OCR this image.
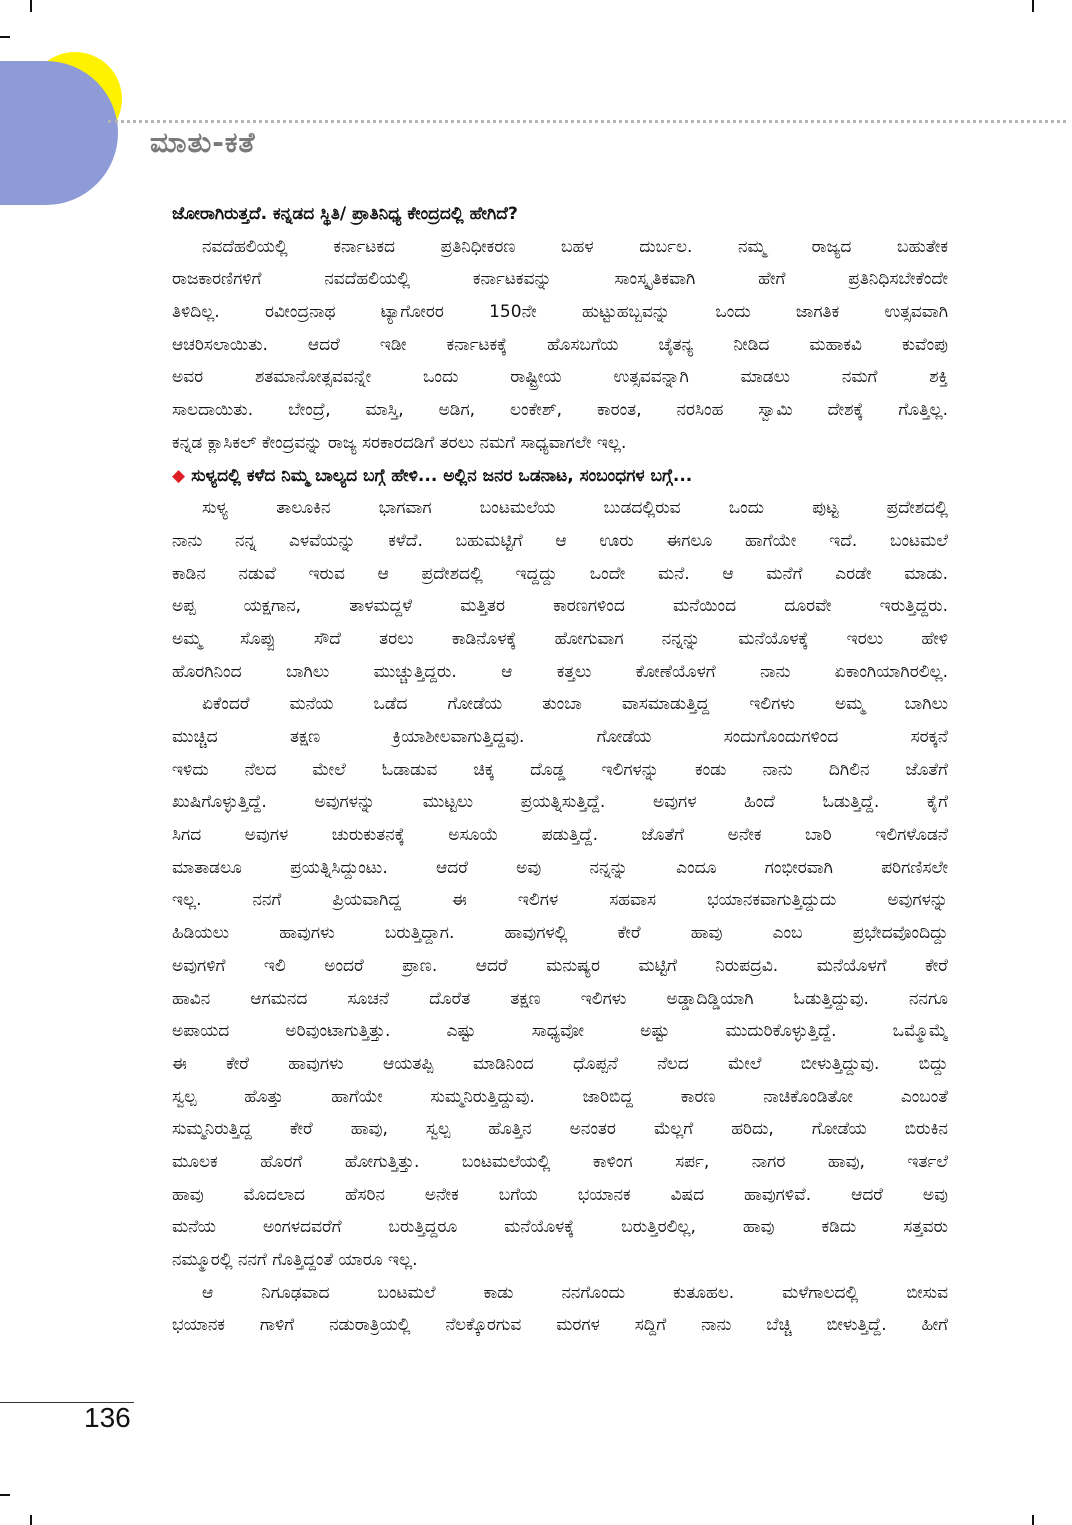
ಮಾತು-ಕತೆ
ಜೋರಾಗಿರುತ್ತದೆ. ಕನ್ನಡದ ಸ್ಥಿತಿ/ ಪ್ರಾತಿನಿಧ್ಯ ಕೇಂದ್ರದಲ್ಲಿ ಹೇಗಿದೆ?
ನವದೆಹಲಿಯಲ್ಲಿ ಕರ್ನಾಟಕದ ಪ್ರತಿನಿಧೀಕರಣ ಬಹಳ ದುರ್ಬಲ. ನಮ್ಮ ರಾಜ್ಯದ ಬಹುತೇಕ
ರಾಜಕಾರಣಿಗಳಿಗೆ ನವದೆಹಲಿಯಲ್ಲಿ ಕರ್ನಾಟಕವನ್ನು ಸಾಂಸ್ಕೃತಿಕವಾಗಿ ಹೇಗೆ ಪ್ರತಿನಿಧಿಸಬೇಕೆಂದೇ
ತಿಳಿದಿಲ್ಲ. ರವೀಂದ್ರನಾಥ ಟ್ಯಾಗೋರರ 150ನೇ ಹುಟ್ಟುಹಬ್ಬವನ್ನು ಒಂದು ಜಾಗತಿಕ ಉತ್ಸವವಾಗಿ
ಆಚರಿಸಲಾಯಿತು. ಆದರೆ ಇಡೀ ಕರ್ನಾಟಕಕ್ಕೆ ಹೊಸಬಗೆಯ ಚೈತನ್ಯ ನೀಡಿದ ಮಹಾಕವಿ ಕುವೆಂಪು
ಅವರ ಶತಮಾನೋತ್ಸವವನ್ನೇ ಒಂದು ರಾಷ್ಟ್ರೀಯ ಉತ್ಸವವನ್ನಾಗಿ ಮಾಡಲು ನಮಗೆ ಶಕ್ತಿ
ಸಾಲದಾಯಿತು. ಬೇಂದ್ರೆ, ಮಾಸ್ತಿ, ಅಡಿಗ, ಲಂಕೇಶ್, ಕಾರಂತ, ನರಸಿಂಹ ಸ್ವಾಮಿ ದೇಶಕ್ಕೆ ಗೊತ್ತಿಲ್ಲ.
ಕನ್ನಡ ಕ್ಲಾಸಿಕಲ್ ಕೇಂದ್ರವನ್ನು ರಾಜ್ಯ ಸರಕಾರದಡಿಗೆ ತರಲು ನಮಗೆ ಸಾಧ್ಯವಾಗಲೇ ಇಲ್ಲ.
◆ ಸುಳ್ಯದಲ್ಲಿ ಕಳೆದ ನಿಮ್ಮ ಬಾಲ್ಯದ ಬಗ್ಗೆ ಹೇಳಿ... ಅಲ್ಲಿನ ಜನರ ಒಡನಾಟ, ಸಂಬಂಧಗಳ ಬಗ್ಗೆ...
ಸುಳ್ಯ ತಾಲೂಕಿನ ಭಾಗವಾಗ ಬಂಟಮಲೆಯ ಬುಡದಲ್ಲಿರುವ ಒಂದು ಪುಟ್ಟ ಪ್ರದೇಶದಲ್ಲಿ
ನಾನು ನನ್ನ ಎಳವೆಯನ್ನು ಕಳೆದೆ. ಬಹುಮಟ್ಟಿಗೆ ಆ ಊರು ಈಗಲೂ ಹಾಗೆಯೇ ಇದೆ. ಬಂಟಮಲೆ
ಕಾಡಿನ ನಡುವೆ ಇರುವ ಆ ಪ್ರದೇಶದಲ್ಲಿ ಇದ್ದದ್ದು ಒಂದೇ ಮನೆ. ಆ ಮನೆಗೆ ಎರಡೇ ಮಾಡು.
ಅಪ್ಪ ಯಕ್ಷಗಾನ, ತಾಳಮದ್ದಳೆ ಮತ್ತಿತರ ಕಾರಣಗಳಿಂದ ಮನೆಯಿಂದ ದೂರವೇ ಇರುತ್ತಿದ್ದರು.
ಅಮ್ಮ ಸೊಪ್ಪು ಸೌದೆ ತರಲು ಕಾಡಿನೊಳಕ್ಕೆ ಹೋಗುವಾಗ ನನ್ನನ್ನು ಮನೆಯೊಳಕ್ಕೆ ಇರಲು ಹೇಳಿ
ಹೊರಗಿನಿಂದ ಬಾಗಿಲು ಮುಚ್ಚುತ್ತಿದ್ದರು. ಆ ಕತ್ತಲು ಕೋಣೆಯೊಳಗೆ ನಾನು ಏಕಾಂಗಿಯಾಗಿರಲಿಲ್ಲ.
ಏಕೆಂದರೆ ಮನೆಯ ಒಡೆದ ಗೋಡೆಯ ತುಂಬಾ ವಾಸಮಾಡುತ್ತಿದ್ದ ಇಲಿಗಳು ಅಮ್ಮ ಬಾಗಿಲು
ಮುಚ್ಚಿದ ತಕ್ಷಣ ಕ್ರಿಯಾಶೀಲವಾಗುತ್ತಿದ್ದವು. ಗೋಡೆಯ ಸಂದುಗೊಂದುಗಳಿಂದ ಸರಕ್ಕನೆ
ಇಳಿದು ನೆಲದ ಮೇಲೆ ಓಡಾಡುವ ಚಿಕ್ಕ ದೊಡ್ಡ ಇಲಿಗಳನ್ನು ಕಂಡು ನಾನು ದಿಗಿಲಿನ ಜೊತೆಗೆ
ಖುಷಿಗೊಳ್ಳುತ್ತಿದ್ದೆ. ಅವುಗಳನ್ನು ಮುಟ್ಟಲು ಪ್ರಯತ್ನಿಸುತ್ತಿದ್ದೆ. ಅವುಗಳ ಹಿಂದೆ ಓಡುತ್ತಿದ್ದೆ. ಕೈಗೆ
ಸಿಗದ ಅವುಗಳ ಚುರುಕುತನಕ್ಕೆ ಅಸೂಯೆ ಪಡುತ್ತಿದ್ದೆ. ಜೊತೆಗೆ ಅನೇಕ ಬಾರಿ ಇಲಿಗಳೊಡನೆ
ಮಾತಾಡಲೂ ಪ್ರಯತ್ನಿಸಿದ್ದುಂಟು. ಆದರೆ ಅವು ನನ್ನನ್ನು ಎಂದೂ ಗಂಭೀರವಾಗಿ ಪರಿಗಣಿಸಲೇ
ಇಲ್ಲ. ನನಗೆ ಪ್ರಿಯವಾಗಿದ್ದ ಈ ಇಲಿಗಳ ಸಹವಾಸ ಭಯಾನಕವಾಗುತ್ತಿದ್ದುದು ಅವುಗಳನ್ನು
ಹಿಡಿಯಲು ಹಾವುಗಳು ಬರುತ್ತಿದ್ದಾಗ. ಹಾವುಗಳಲ್ಲಿ ಕೇರೆ ಹಾವು ಎಂಬ ಪ್ರಭೇದವೊಂದಿದ್ದು
ಅವುಗಳಿಗೆ ಇಲಿ ಅಂದರೆ ಪ್ರಾಣ. ಆದರೆ ಮನುಷ್ಯರ ಮಟ್ಟಿಗೆ ನಿರುಪದ್ರವಿ. ಮನೆಯೊಳಗೆ ಕೇರೆ
ಹಾವಿನ ಆಗಮನದ ಸೂಚನೆ ದೊರೆತ ತಕ್ಷಣ ಇಲಿಗಳು ಅಡ್ಡಾದಿಡ್ಡಿಯಾಗಿ ಓಡುತ್ತಿದ್ದುವು. ನನಗೂ
ಅಪಾಯದ ಅರಿವುಂಟಾಗುತ್ತಿತ್ತು. ಎಷ್ಟು ಸಾಧ್ಯವೋ ಅಷ್ಟು ಮುದುರಿಕೊಳ್ಳುತ್ತಿದ್ದೆ. ಒಮ್ಮೊಮ್ಮೆ
ಈ ಕೇರೆ ಹಾವುಗಳು ಆಯತಪ್ಪಿ ಮಾಡಿನಿಂದ ಧೊಪ್ಪನೆ ನೆಲದ ಮೇಲೆ ಬೀಳುತ್ತಿದ್ದುವು. ಬಿದ್ದು
ಸ್ವಲ್ಪ ಹೊತ್ತು ಹಾಗೆಯೇ ಸುಮ್ಮನಿರುತ್ತಿದ್ದುವು. ಜಾರಿಬಿದ್ದ ಕಾರಣ ನಾಚಿಕೊಂಡಿತೋ ಎಂಬಂತೆ
ಸುಮ್ಮನಿರುತ್ತಿದ್ದ ಕೇರೆ ಹಾವು, ಸ್ವಲ್ಪ ಹೊತ್ತಿನ ಅನಂತರ ಮೆಲ್ಲಗೆ ಹರಿದು, ಗೋಡೆಯ ಬಿರುಕಿನ
ಮೂಲಕ ಹೊರಗೆ ಹೋಗುತ್ತಿತ್ತು. ಬಂಟಮಲೆಯಲ್ಲಿ ಕಾಳಿಂಗ ಸರ್ಪ, ನಾಗರ ಹಾವು, ಇರ್ತಲೆ
ಹಾವು ಮೊದಲಾದ ಹೆಸರಿನ ಅನೇಕ ಬಗೆಯ ಭಯಾನಕ ವಿಷದ ಹಾವುಗಳಿವೆ. ಆದರೆ ಅವು
ಮನೆಯ ಅಂಗಳದವರೆಗೆ ಬರುತ್ತಿದ್ದರೂ ಮನೆಯೊಳಕ್ಕೆ ಬರುತ್ತಿರಲಿಲ್ಲ, ಹಾವು ಕಡಿದು ಸತ್ತವರು
ನಮ್ಮೂರಲ್ಲಿ ನನಗೆ ಗೊತ್ತಿದ್ದಂತೆ ಯಾರೂ ಇಲ್ಲ.
ಆ ನಿಗೂಢವಾದ ಬಂಟಮಲೆ ಕಾಡು ನನಗೊಂದು ಕುತೂಹಲ. ಮಳೆಗಾಲದಲ್ಲಿ ಬೀಸುವ
ಭಯಾನಕ ಗಾಳಿಗೆ ನಡುರಾತ್ರಿಯಲ್ಲಿ ನೆಲಕ್ಕೊರಗುವ ಮರಗಳ ಸದ್ದಿಗೆ ನಾನು ಬೆಚ್ಚಿ ಬೀಳುತ್ತಿದ್ದೆ. ಹೀಗೆ
136
